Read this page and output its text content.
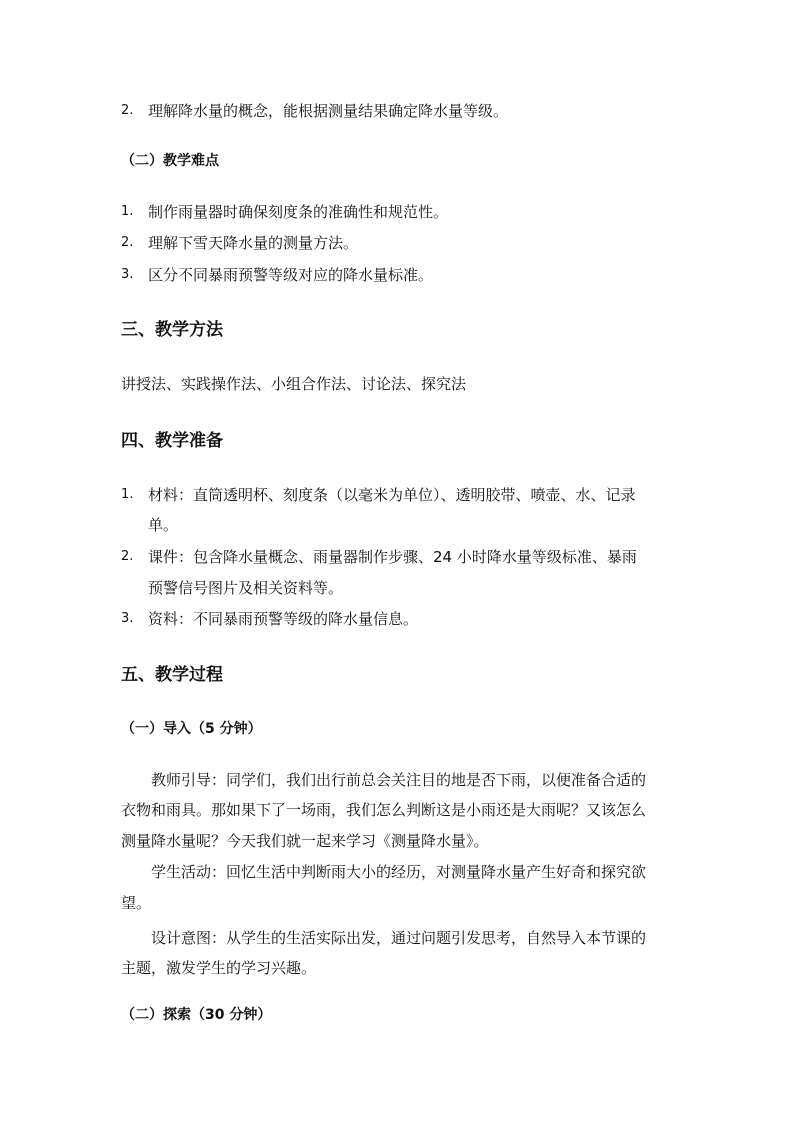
2. 理解降水量的概念，能根据测量结果确定降水量等级。
（二）教学难点
1. 制作雨量器时确保刻度条的准确性和规范性。
2. 理解下雪天降水量的测量方法。
3. 区分不同暴雨预警等级对应的降水量标准。
三、教学方法
讲授法、实践操作法、小组合作法、讨论法、探究法
四、教学准备
1. 材料：直筒透明杯、刻度条（以毫米为单位）、透明胶带、喷壶、水、记录
单。
2. 课件：包含降水量概念、雨量器制作步骤、24 小时降水量等级标准、暴雨
预警信号图片及相关资料等。
3. 资料：不同暴雨预警等级的降水量信息。
五、教学过程
（一）导入（5 分钟）
教师引导：同学们，我们出行前总会关注目的地是否下雨，以便准备合适的
衣物和雨具。那如果下了一场雨，我们怎么判断这是小雨还是大雨呢？又该怎么
测量降水量呢？今天我们就一起来学习《测量降水量》。
学生活动：回忆生活中判断雨大小的经历，对测量降水量产生好奇和探究欲
望。
设计意图：从学生的生活实际出发，通过问题引发思考，自然导入本节课的
主题，激发学生的学习兴趣。
（二）探索（30 分钟）
